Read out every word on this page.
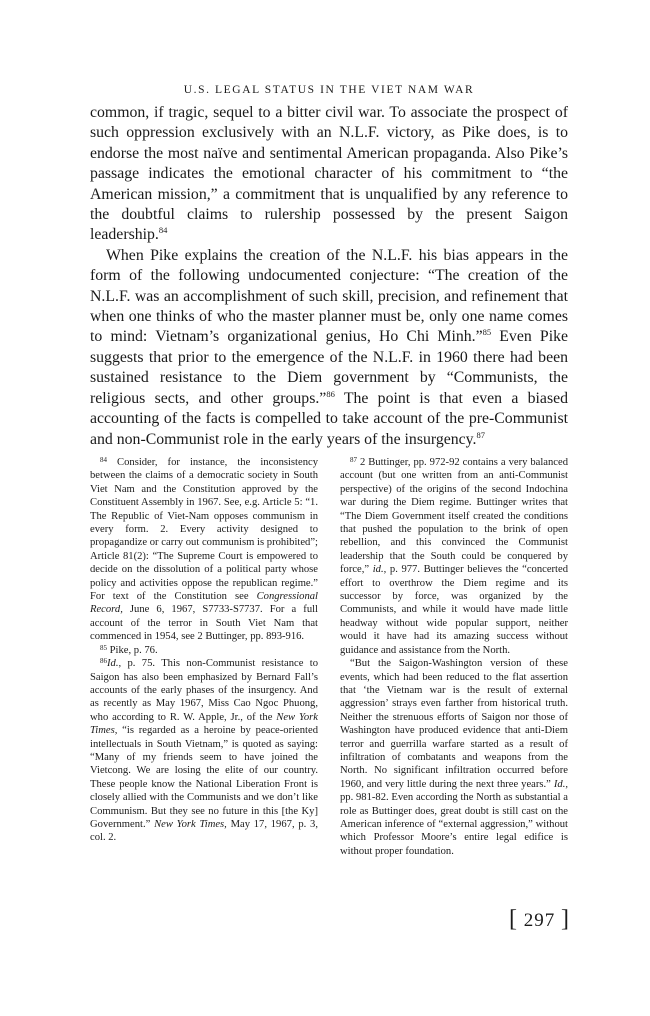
U.S. LEGAL STATUS IN THE VIET NAM WAR

common, if tragic, sequel to a bitter civil war. To associate the prospect of such oppression exclusively with an N.L.F. victory, as Pike does, is to endorse the most naïve and sentimental American propaganda. Also Pike’s passage indicates the emotional character of his commitment to “the American mission,” a commitment that is unqualified by any reference to the doubtful claims to rulership possessed by the present Saigon leadership.$^{84}$

When Pike explains the creation of the N.L.F. his bias appears in the form of the following undocumented conjecture: “The creation of the N.L.F. was an accomplishment of such skill, precision, and refinement that when one thinks of who the master planner must be, only one name comes to mind: Vietnam’s organizational genius, Ho Chi Minh.”$^{85}$ Even Pike suggests that prior to the emergence of the N.L.F. in 1960 there had been sustained resistance to the Diem government by “Communists, the religious sects, and other groups.”$^{86}$ The point is that even a biased accounting of the facts is compelled to take account of the pre-Communist and non-Communist role in the early years of the insurgency.$^{87}$

$^{84}$ Consider, for instance, the inconsistency between the claims of a democratic society in South Viet Nam and the Constitution approved by the Constituent Assembly in 1967. See, e.g. Article 5: “1. The Republic of Viet-Nam opposes communism in every form. 2. Every activity designed to propagandize or carry out communism is prohibited”; Article 81(2): “The Supreme Court is empowered to decide on the dissolution of a political party whose policy and activities oppose the republican regime.” For text of the Constitution see Congressional Record, June 6, 1967, S7733-S7737. For a full account of the terror in South Viet Nam that commenced in 1954, see 2 Buttinger, pp. 893-916.

$^{85}$ Pike, p. 76.

$^{86}$Id., p. 75. This non-Communist resistance to Saigon has also been emphasized by Bernard Fall’s accounts of the early phases of the insurgency. And as recently as May 1967, Miss Cao Ngoc Phuong, who according to R. W. Apple, Jr., of the New York Times, “is regarded as a heroine by peace-oriented intellectuals in South Vietnam,” is quoted as saying: “Many of my friends seem to have joined the Vietcong. We are losing the elite of our country. These people know the National Liberation Front is closely allied with the Communists and we don’t like Communism. But they see no future in this [the Ky] Government.” New York Times, May 17, 1967, p. 3, col. 2.

$^{87}$ 2 Buttinger, pp. 972-92 contains a very balanced account (but one written from an anti-Communist perspective) of the origins of the second Indochina war during the Diem regime. Buttinger writes that “The Diem Government itself created the conditions that pushed the population to the brink of open rebellion, and this convinced the Communist leadership that the South could be conquered by force,” id., p. 977. Buttinger believes the “concerted effort to overthrow the Diem regime and its successor by force, was organized by the Communists, and while it would have made little headway without wide popular support, neither would it have had its amazing success without guidance and assistance from the North.

“But the Saigon-Washington version of these events, which had been reduced to the flat assertion that ‘the Vietnam war is the result of external aggression’ strays even farther from historical truth. Neither the strenuous efforts of Saigon nor those of Washington have produced evidence that anti-Diem terror and guerrilla warfare started as a result of infiltration of combatants and weapons from the North. No significant infiltration occurred before 1960, and very little during the next three years.” Id., pp. 981-82. Even according the North as substantial a role as Buttinger does, great doubt is still cast on the American inference of “external aggression,” without which Professor Moore’s entire legal edifice is without proper foundation.

[ 297 ]
